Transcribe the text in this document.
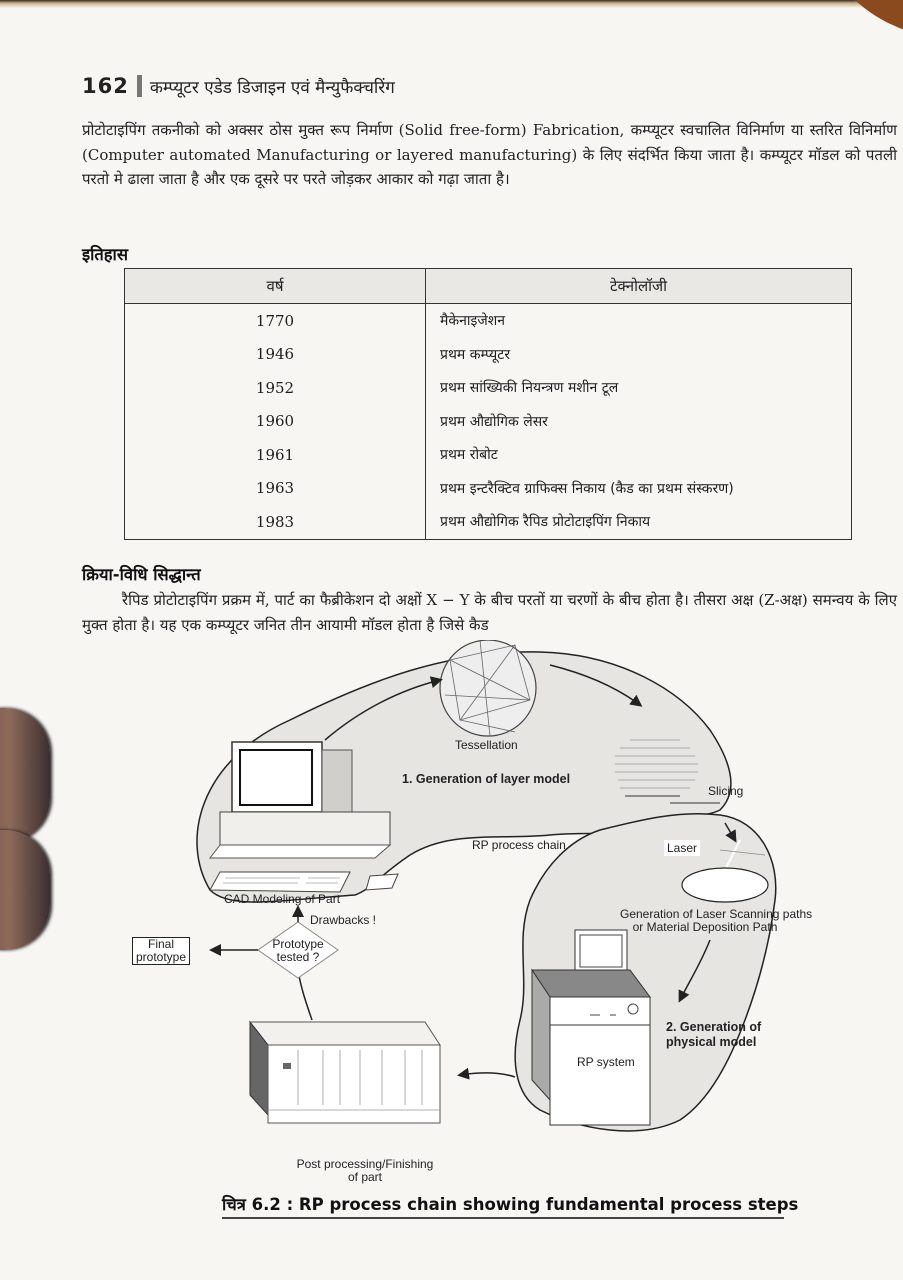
162 कम्प्यूटर एडेड डिजाइन एवं मैन्युफैक्चरिंग

प्रोटोटाइपिंग तकनीको को अक्सर ठोस मुक्त रूप निर्माण (Solid free-form) Fabrication, कम्प्यूटर स्वचालित विनिर्माण या स्तरित विनिर्माण (Computer automated Manufacturing or layered manufacturing) के लिए संदर्भित किया जाता है। कम्प्यूटर मॉडल को पतली परतो मे ढाला जाता है और एक दूसरे पर परते जोड़कर आकार को गढ़ा जाता है।

इतिहास
वर्ष	टेक्नोलॉजी
1770	मैकेनाइजेशन
1946	प्रथम कम्प्यूटर
1952	प्रथम सांख्यिकी नियन्त्रण मशीन टूल
1960	प्रथम औद्योगिक लेसर
1961	प्रथम रोबोट
1963	प्रथम इन्टरैक्टिव ग्राफिक्स निकाय (कैड का प्रथम संस्करण)
1983	प्रथम औद्योगिक रैपिड प्रोटोटाइपिंग निकाय
क्रिया-विधि सिद्धान्त

रैपिड प्रोटोटाइपिंग प्रक्रम में, पार्ट का फैब्रीकेशन दो अक्षों X − Y के बीच परतों या चरणों के बीच होता है। तीसरा अक्ष (Z-अक्ष) समन्वय के लिए मुक्त होता है। यह एक कम्प्यूटर जनित तीन आयामी मॉडल होता है जिसे कैड

Tessellation
1. Generation of layer model
Slicing
RP process chain	Laser
Generation of Laser Scanning paths
or Material Deposition Path
2. Generation of
physical model
RP system
CAD Modeling of Part
Drawbacks !
Prototype
tested ?
Final
prototype
Post processing/Finishing
of part
चित्र 6.2 : RP process chain showing fundamental process steps
